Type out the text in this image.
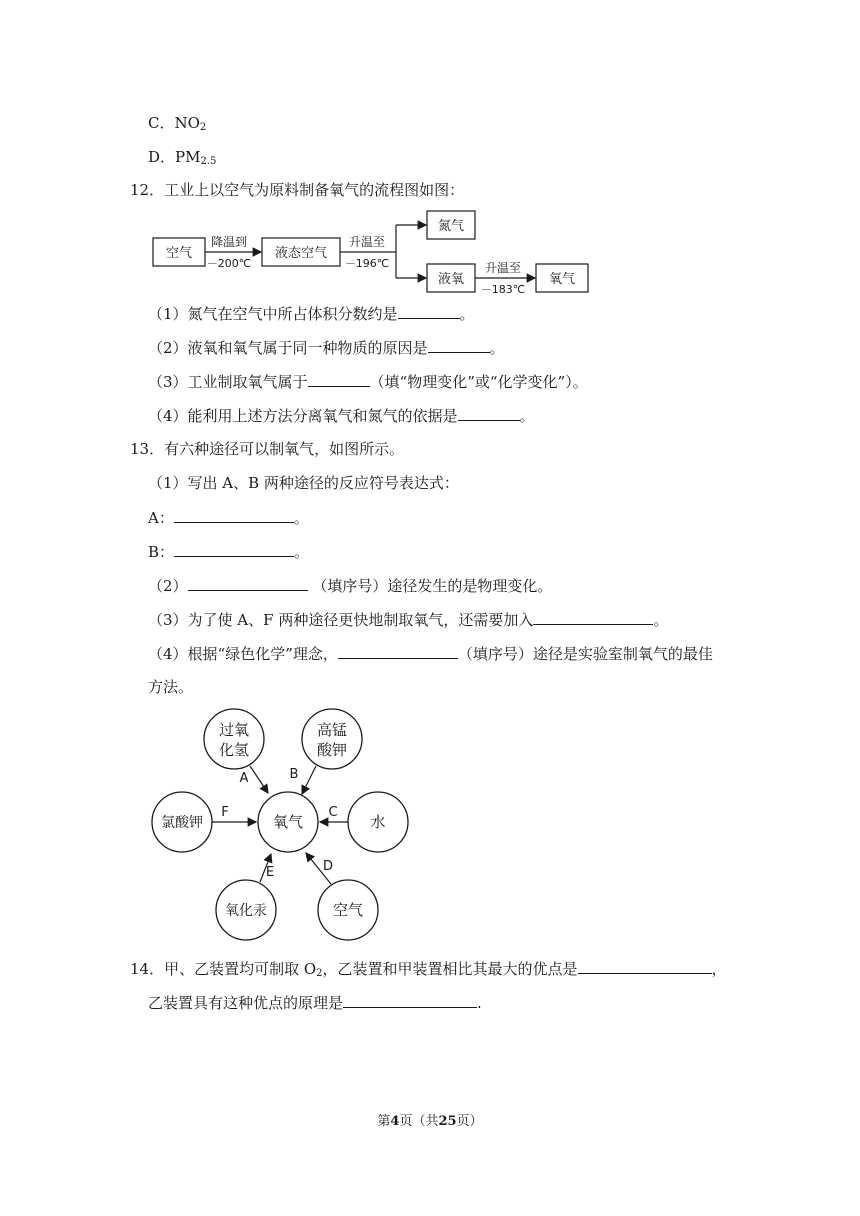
C．$NO_2$
D．$PM_{2.5}$
12．工业上以空气为原料制备氧气的流程图如图：
空气	液态空气
氮气
液氧	氧气
降温到
－200℃
升温至
－196℃	升温至
－183℃
（1）氮气在空气中所占体积分数约是	。
（2）液氧和氧气属于同一种物质的原因是	。
（3）工业制取氧气属于	（填“物理变化”或“化学变化”）。
（4）能利用上述方法分离氧气和氮气的依据是	。
13．有六种途径可以制氧气，如图所示。
（1）写出 A、B 两种途径的反应符号表达式：
A：	。
B：	。
（2）	（填序号）途径发生的是物理变化。
（3）为了使 A、F 两种途径更快地制取氧气，还需要加入	。
（4）根据“绿色化学”理念，	（填序号）途径是实验室制氧气的最佳
方法。
氧气
过氧
化氢
高锰
酸钾
氯酸钾	水
氧化汞	空气
A	B
F	C
E	D
14．甲、乙装置均可制取 $O_2$，乙装置和甲装置相比其最大的优点是	，
乙装置具有这种优点的原理是	.
第4页（共25页）
